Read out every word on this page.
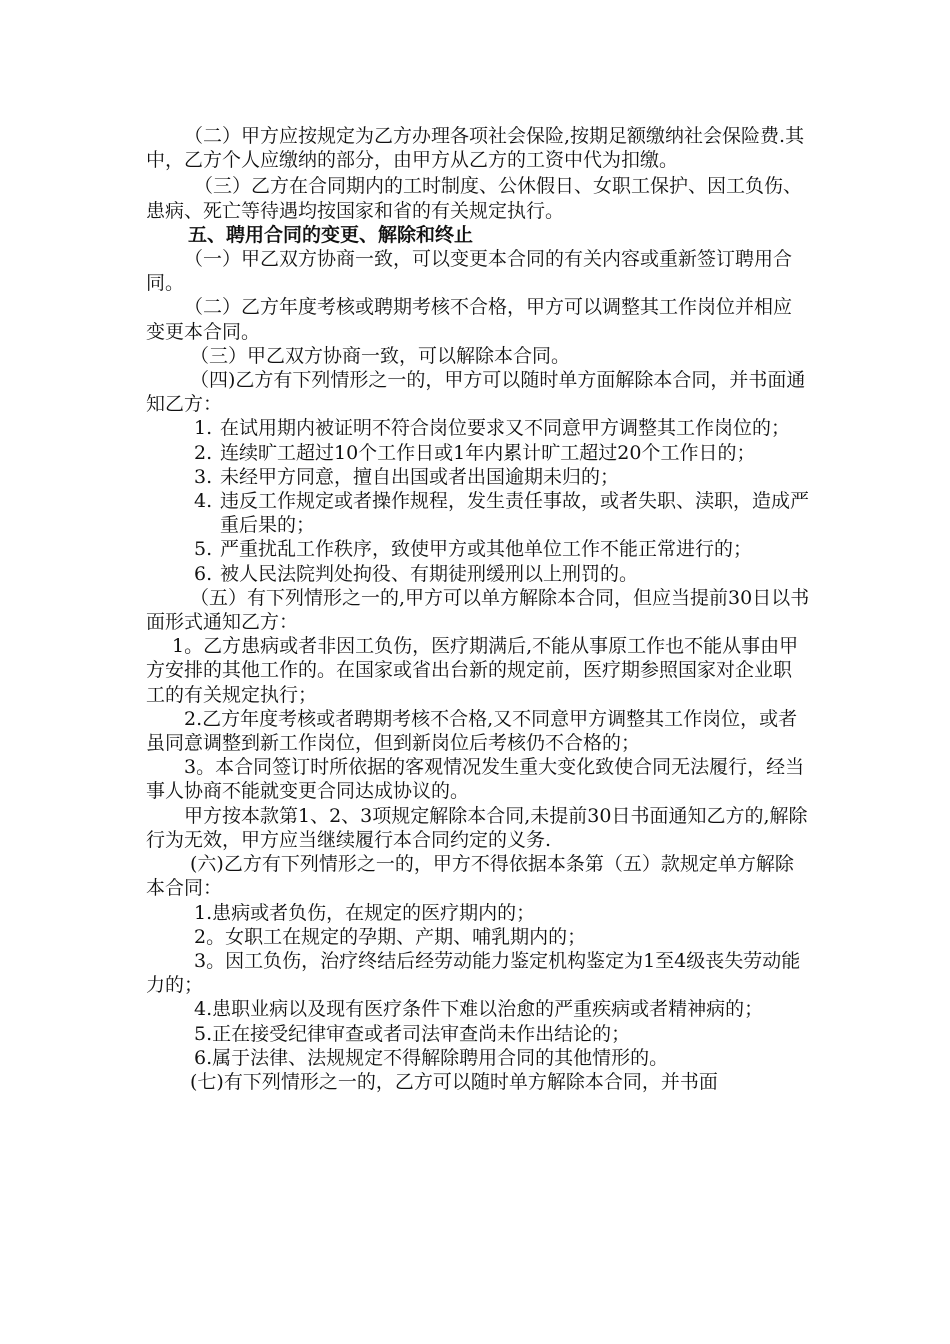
（二）甲方应按规定为乙方办理各项社会保险,按期足额缴纳社会保险费.其中，乙方个人应缴纳的部分，由甲方从乙方的工资中代为扣缴。

（三）乙方在合同期内的工时制度、公休假日、女职工保护、因工负伤、患病、死亡等待遇均按国家和省的有关规定执行。

五、聘用合同的变更、解除和终止

（一）甲乙双方协商一致，可以变更本合同的有关内容或重新签订聘用合同。

（二）乙方年度考核或聘期考核不合格，甲方可以调整其工作岗位并相应变更本合同。

（三）甲乙双方协商一致，可以解除本合同。

（四)乙方有下列情形之一的，甲方可以随时单方面解除本合同，并书面通知乙方：

1. 在试用期内被证明不符合岗位要求又不同意甲方调整其工作岗位的；
2. 连续旷工超过10个工作日或1年内累计旷工超过20个工作日的；
3. 未经甲方同意，擅自出国或者出国逾期未归的；
4. 违反工作规定或者操作规程，发生责任事故，或者失职、渎职，造成严重后果的；
5. 严重扰乱工作秩序，致使甲方或其他单位工作不能正常进行的；
6. 被人民法院判处拘役、有期徒刑缓刑以上刑罚的。

（五）有下列情形之一的,甲方可以单方解除本合同，但应当提前30日以书面形式通知乙方：

1。乙方患病或者非因工负伤，医疗期满后,不能从事原工作也不能从事由甲方安排的其他工作的。在国家或省出台新的规定前，医疗期参照国家对企业职工的有关规定执行；

2.乙方年度考核或者聘期考核不合格,又不同意甲方调整其工作岗位，或者虽同意调整到新工作岗位，但到新岗位后考核仍不合格的；

3。本合同签订时所依据的客观情况发生重大变化致使合同无法履行，经当事人协商不能就变更合同达成协议的。

甲方按本款第1、2、3项规定解除本合同,未提前30日书面通知乙方的,解除行为无效，甲方应当继续履行本合同约定的义务.

(六)乙方有下列情形之一的，甲方不得依据本条第（五）款规定单方解除本合同：

1.患病或者负伤，在规定的医疗期内的；

2。女职工在规定的孕期、产期、哺乳期内的；

3。因工负伤，治疗终结后经劳动能力鉴定机构鉴定为1至4级丧失劳动能力的；

4.患职业病以及现有医疗条件下难以治愈的严重疾病或者精神病的；

5.正在接受纪律审查或者司法审查尚未作出结论的；

6.属于法律、法规规定不得解除聘用合同的其他情形的。

(七)有下列情形之一的，乙方可以随时单方解除本合同，并书面
